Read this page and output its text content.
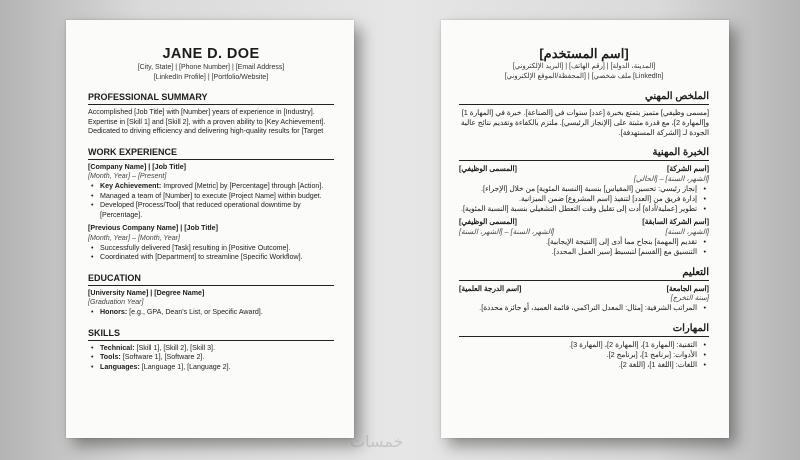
JANE D. DOE
[City, State] | [Phone Number] | [Email Address]
[LinkedIn Profile] | [Portfolio/Website]
PROFESSIONAL SUMMARY
Accomplished [Job Title] with [Number] years of experience in [Industry]. Expertise in [Skill 1] and [Skill 2], with a proven ability to [Key Achievement]. Dedicated to driving efficiency and delivering high-quality results for [Target
WORK EXPERIENCE
[Company Name] | [Job Title]
[Month, Year] – [Present]
• Key Achievement: Improved [Metric] by [Percentage] through [Action].
• Managed a team of [Number] to execute [Project Name] within budget.
• Developed [Process/Tool] that reduced operational downtime by [Percentage].
[Previous Company Name] | [Job Title]
[Month, Year] – [Month, Year]
• Successfully delivered [Task] resulting in [Positive Outcome].
• Coordinated with [Department] to streamline [Specific Workflow].
EDUCATION
[University Name] | [Degree Name]
[Graduation Year]
• Honors: [e.g., GPA, Dean's List, or Specific Award].
SKILLS
• Technical: [Skill 1], [Skill 2], [Skill 3].
• Tools: [Software 1], [Software 2].
• Languages: [Language 1], [Language 2].
[اسم المستخدم]
[المدينة، الدولة] | [رقم الهاتف] | [البريد الإلكتروني]
[LinkedIn] ملف شخصي] | [المحفظة/الموقع الإلكتروني]
الملخص المهني
[مسمى وظيفي] متميز يتمتع بخبرة [عدد] سنوات في [الصناعة]. خبرة في [المهارة 1] و[المهارة 2]، مع قدرة مثبتة على [الإنجاز الرئيسي]. ملتزم بالكفاءة وتقديم نتائج عالية الجودة لـ [الشركة المستهدفة].
الخبرة المهنية
[اسم الشركة]
[المسمى الوظيفي]
[الشهر، السنة] – [الحالي]
• إنجاز رئيسي: تحسين [المقياس] بنسبة [النسبة المئوية] من خلال [الإجراء].
• إدارة فريق من [العدد] لتنفيذ [اسم المشروع] ضمن الميزانية.
• تطوير [عملية/أداة] أدت إلى تقليل وقت التعطل التشغيلي بنسبة [النسبة المئوية].
[اسم الشركة السابقة]
[المسمى الوظيفي]
[الشهر، السنة]
[الشهر، السنة] – [الشهر، السنة]
• تقديم [المهمة] بنجاح مما أدى إلى [النتيجة الإيجابية].
• التنسيق مع [القسم] لتبسيط [سير العمل المحدد].
التعليم
[اسم الجامعة]
[اسم الدرجة العلمية]
[سنة التخرج]
• المراتب الشرفية: [مثال: المعدل التراكمي، قائمة العميد، أو جائزة محددة].
المهارات
• التقنية: [المهارة 1]، [المهارة 2]، [المهارة 3].
• الأدوات: [برنامج 1]، [برنامج 2].
• اللغات: [اللغة 1]، [اللغة 2].
خمسات
